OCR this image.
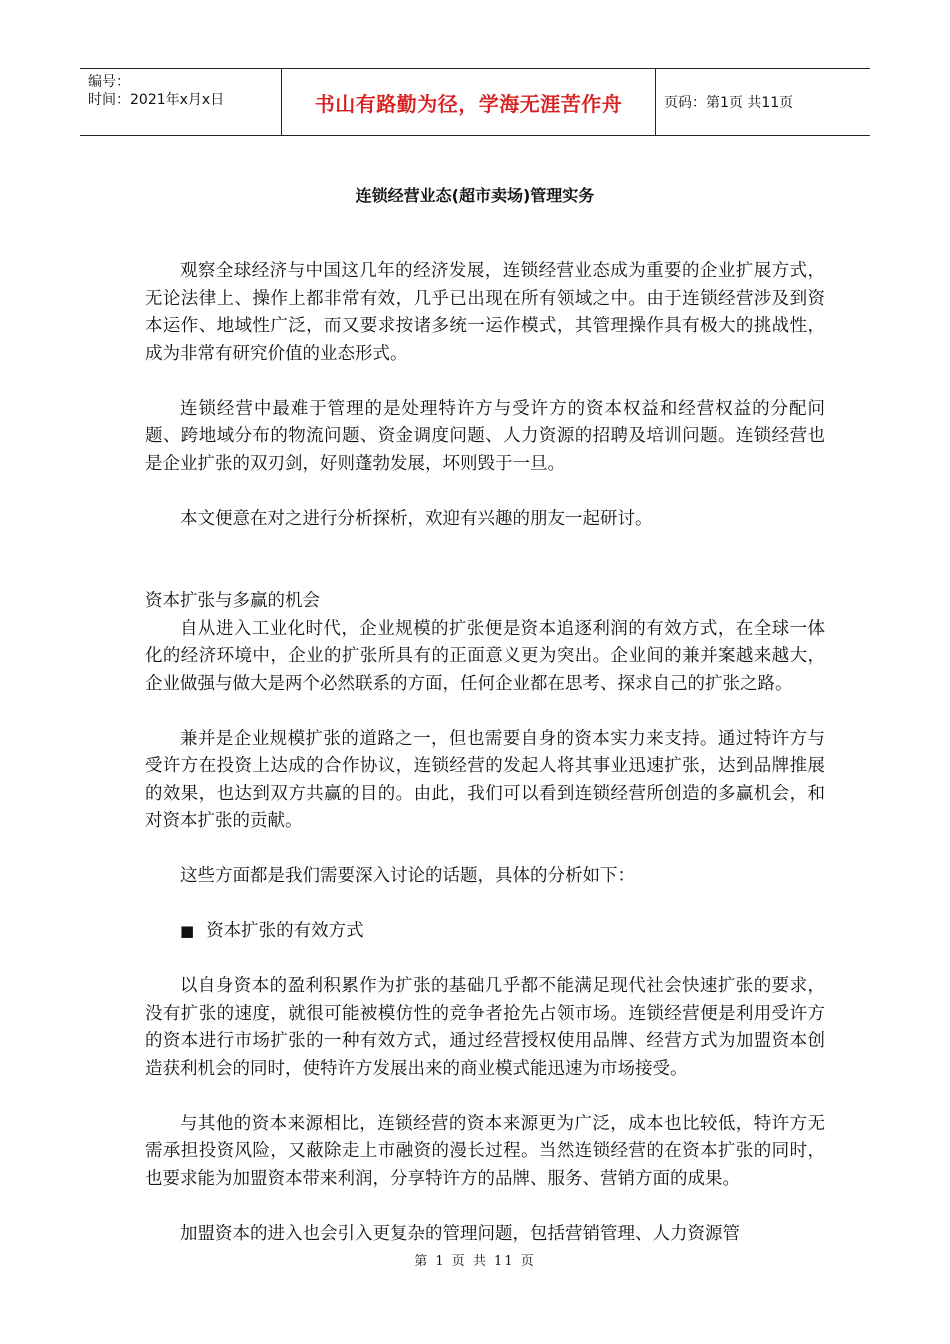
编号：
时间：2021年x月x日	书山有路勤为径，学海无涯苦作舟	页码：第1页 共11页
连锁经营业态(超市卖场)管理实务

观察全球经济与中国这几年的经济发展，连锁经营业态成为重要的企业扩展方式，无论法律上、操作上都非常有效，几乎已出现在所有领域之中。由于连锁经营涉及到资本运作、地域性广泛，而又要求按诸多统一运作模式，其管理操作具有极大的挑战性，成为非常有研究价值的业态形式。

连锁经营中最难于管理的是处理特许方与受许方的资本权益和经营权益的分配问题、跨地域分布的物流问题、资金调度问题、人力资源的招聘及培训问题。连锁经营也是企业扩张的双刃剑，好则蓬勃发展，坏则毁于一旦。

本文便意在对之进行分析探析，欢迎有兴趣的朋友一起研讨。

资本扩张与多赢的机会

自从进入工业化时代，企业规模的扩张便是资本追逐利润的有效方式，在全球一体化的经济环境中，企业的扩张所具有的正面意义更为突出。企业间的兼并案越来越大，企业做强与做大是两个必然联系的方面，任何企业都在思考、探求自己的扩张之路。

兼并是企业规模扩张的道路之一，但也需要自身的资本实力来支持。通过特许方与受许方在投资上达成的合作协议，连锁经营的发起人将其事业迅速扩张，达到品牌推展的效果，也达到双方共赢的目的。由此，我们可以看到连锁经营所创造的多赢机会，和对资本扩张的贡献。

这些方面都是我们需要深入讨论的话题，具体的分析如下：

■ 资本扩张的有效方式

以自身资本的盈利积累作为扩张的基础几乎都不能满足现代社会快速扩张的要求，没有扩张的速度，就很可能被模仿性的竞争者抢先占领市场。连锁经营便是利用受许方的资本进行市场扩张的一种有效方式，通过经营授权使用品牌、经营方式为加盟资本创造获利机会的同时，使特许方发展出来的商业模式能迅速为市场接受。

与其他的资本来源相比，连锁经营的资本来源更为广泛，成本也比较低，特许方无需承担投资风险，又蔽除走上市融资的漫长过程。当然连锁经营的在资本扩张的同时，也要求能为加盟资本带来利润，分享特许方的品牌、服务、营销方面的成果。

加盟资本的进入也会引入更复杂的管理问题，包括营销管理、人力资源管

第 1 页 共 11 页
